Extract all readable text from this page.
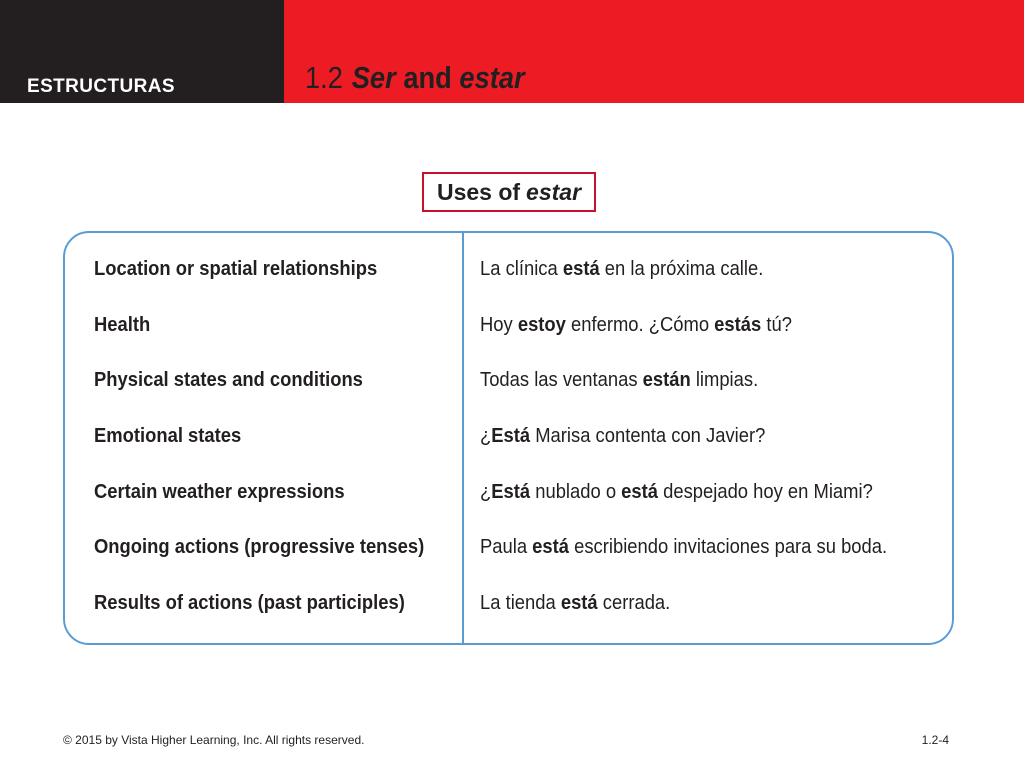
ESTRUCTURAS	1.2 Ser and estar
Uses of estar
Location or spatial relationships	La clínica está en la próxima calle.
Health	Hoy estoy enfermo. ¿Cómo estás tú?
Physical states and conditions	Todas las ventanas están limpias.
Emotional states	¿Está Marisa contenta con Javier?
Certain weather expressions	¿Está nublado o está despejado hoy en Miami?
Ongoing actions (progressive tenses)	Paula está escribiendo invitaciones para su boda.
Results of actions (past participles)	La tienda está cerrada.
© 2015 by Vista Higher Learning, Inc. All rights reserved.	1.2-4
